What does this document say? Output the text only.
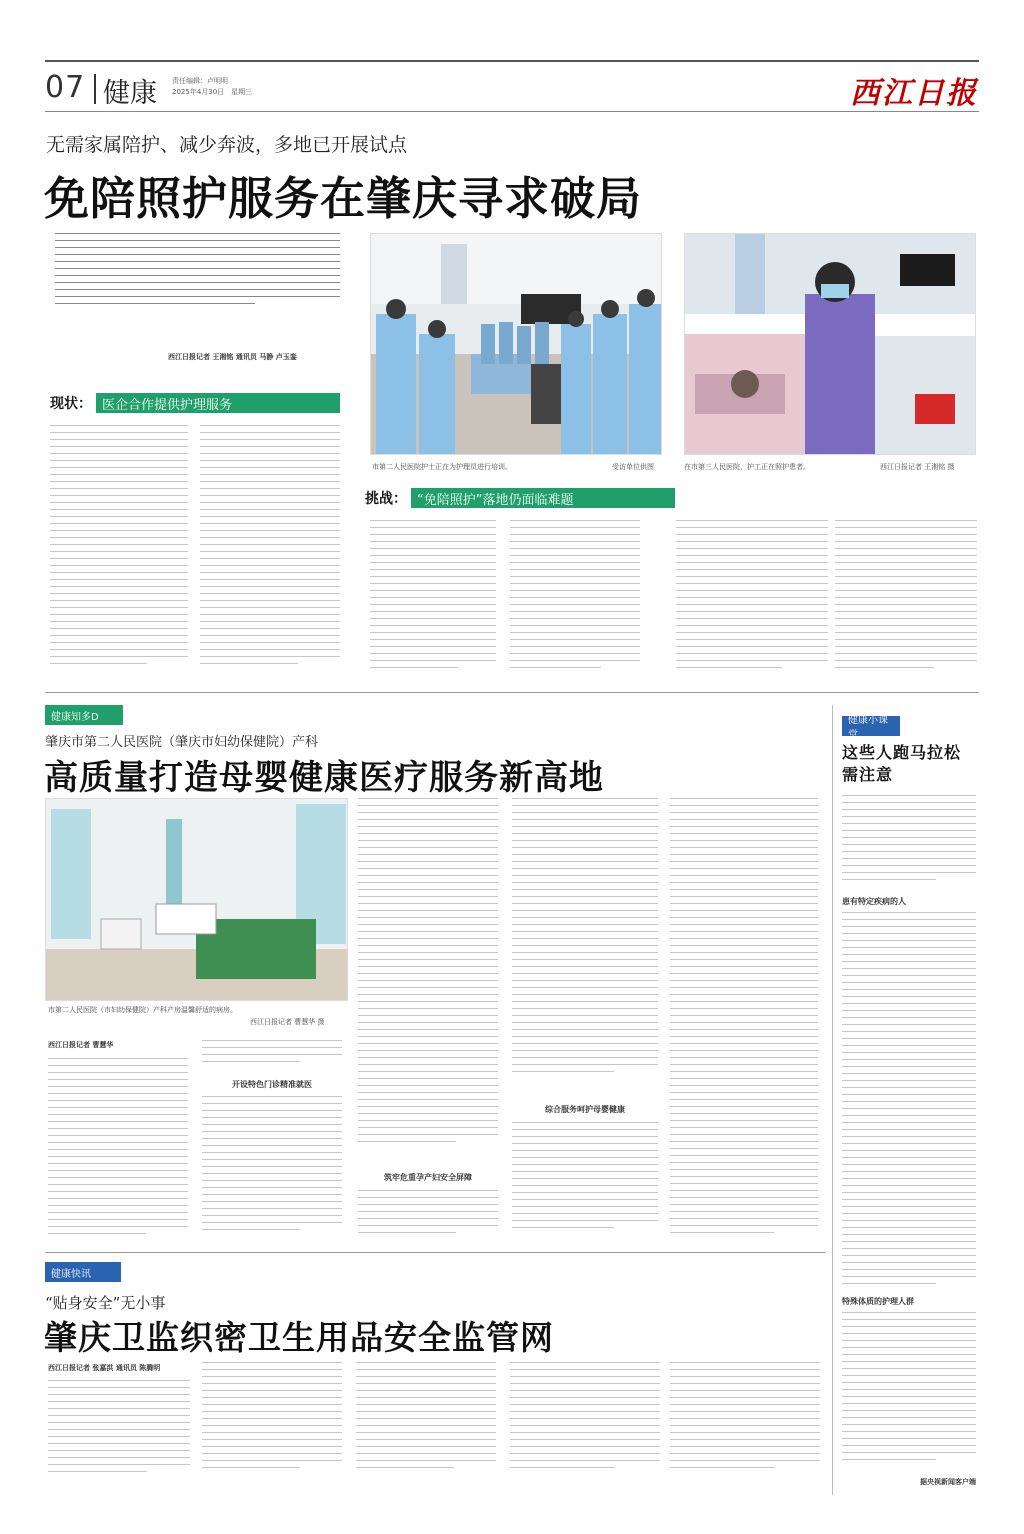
07 健康 责任编辑：卢明明
2025年4月30日　星期三	西江日报
无需家属陪护、减少奔波，多地已开展试点
免陪照护服务在肇庆寻求破局
西江日报记者 王湘铭 通讯员 马静 卢玉銮
现状： 医企合作提供护理服务
市第二人民医院护士正在为护理员进行培训。	受访单位供图	在市第三人民医院，护工正在照护患者。	西江日报记者 王湘铭 摄
挑战： “免陪照护”落地仍面临难题
健康知多D
肇庆市第二人民医院（肇庆市妇幼保健院）产科
高质量打造母婴健康医疗服务新高地
市第二人民医院（市妇幼保健院）产科产房温馨舒适的病房。
西江日报记者 曹慧华 摄
西江日报记者 曹慧华
开设特色门诊精准就医
筑牢危重孕产妇安全屏障
综合服务呵护母婴健康
健康小课堂
这些人跑马拉松需注意
患有特定疾病的人
特殊体质的护理人群
据央视新闻客户端
健康快讯
“贴身安全”无小事
肇庆卫监织密卫生用品安全监管网
西江日报记者 张嘉洪 通讯员 陈腾明
